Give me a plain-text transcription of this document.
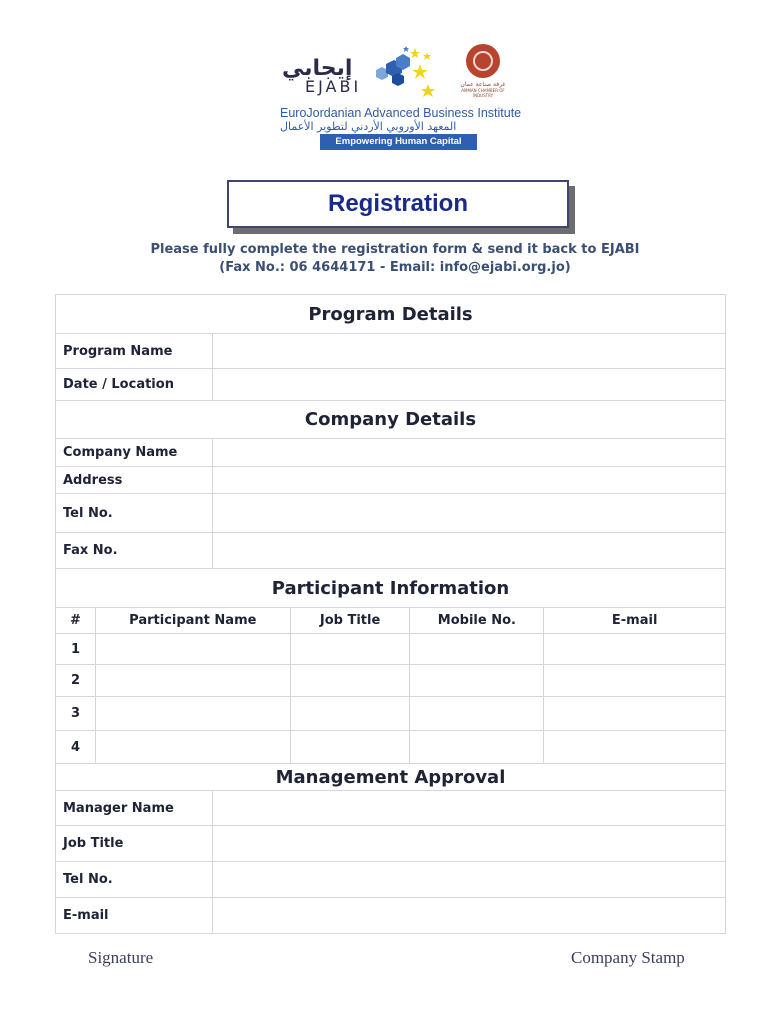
إيجابي
EJABI	غرفة صناعة عمان
AMMAN CHAMBER OF INDUSTRY
EuroJordanian Advanced Business Institute
المعهد الأوروبي الأردني لتطوير الأعمال
Empowering Human Capital
Registration
Please fully complete the registration form & send it back to EJABI
(Fax No.: 06 4644171 - Email: info@ejabi.org.jo)
Program Details					
Program Name					
Date / Location					
Company Details					
Company Name					
Address					
Tel No.					
Fax No.					
Participant Information					
#	Participant Name		Job Title	Mobile No.	E-mail
1					
2					
3					
4					
Management Approval					
Manager Name					
Job Title					
Tel No.					
E-mail					
Signature	Company Stamp
